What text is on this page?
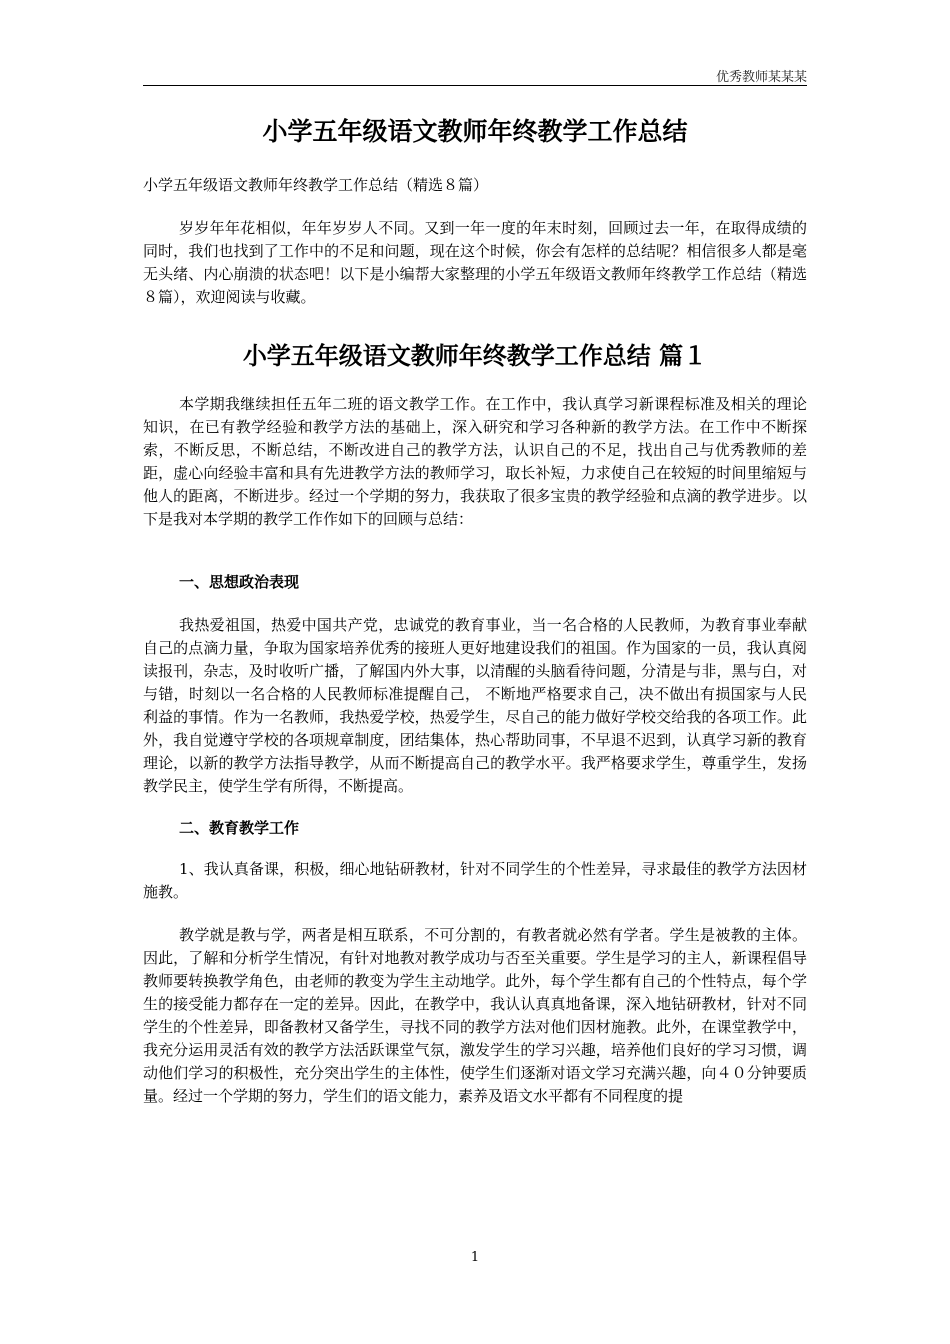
优秀教师某某某
小学五年级语文教师年终教学工作总结

小学五年级语文教师年终教学工作总结（精选８篇）

岁岁年年花相似，年年岁岁人不同。又到一年一度的年末时刻，回顾过去一年，在取得成绩的同时，我们也找到了工作中的不足和问题，现在这个时候，你会有怎样的总结呢？相信很多人都是毫无头绪、内心崩溃的状态吧！以下是小编帮大家整理的小学五年级语文教师年终教学工作总结（精选８篇），欢迎阅读与收藏。

小学五年级语文教师年终教学工作总结 篇１

本学期我继续担任五年二班的语文教学工作。在工作中，我认真学习新课程标准及相关的理论知识，在已有教学经验和教学方法的基础上，深入研究和学习各种新的教学方法。在工作中不断探索，不断反思，不断总结，不断改进自己的教学方法，认识自己的不足，找出自己与优秀教师的差距，虚心向经验丰富和具有先进教学方法的教师学习，取长补短，力求使自己在较短的时间里缩短与他人的距离，不断进步。经过一个学期的努力，我获取了很多宝贵的教学经验和点滴的教学进步。以下是我对本学期的教学工作作如下的回顾与总结：

一、思想政治表现

我热爱祖国，热爱中国共产党，忠诚党的教育事业，当一名合格的人民教师，为教育事业奉献自己的点滴力量，争取为国家培养优秀的接班人更好地建设我们的祖国。作为国家的一员，我认真阅读报刊，杂志，及时收听广播，了解国内外大事，以清醒的头脑看待问题，分清是与非，黑与白，对与错，时刻以一名合格的人民教师标准提醒自己， 不断地严格要求自己，决不做出有损国家与人民利益的事情。作为一名教师，我热爱学校，热爱学生，尽自己的能力做好学校交给我的各项工作。此外，我自觉遵守学校的各项规章制度，团结集体，热心帮助同事，不早退不迟到，认真学习新的教育理论，以新的教学方法指导教学，从而不断提高自己的教学水平。我严格要求学生，尊重学生，发扬教学民主，使学生学有所得，不断提高。

二、教育教学工作

1、我认真备课，积极，细心地钻研教材，针对不同学生的个性差异，寻求最佳的教学方法因材施教。

教学就是教与学，两者是相互联系，不可分割的，有教者就必然有学者。学生是被教的主体。因此，了解和分析学生情况，有针对地教对教学成功与否至关重要。学生是学习的主人，新课程倡导教师要转换教学角色，由老师的教变为学生主动地学。此外，每个学生都有自己的个性特点，每个学生的接受能力都存在一定的差异。因此，在教学中，我认认真真地备课，深入地钻研教材，针对不同学生的个性差异，即备教材又备学生，寻找不同的教学方法对他们因材施教。此外，在课堂教学中，我充分运用灵活有效的教学方法活跃课堂气氛，激发学生的学习兴趣，培养他们良好的学习习惯，调动他们学习的积极性，充分突出学生的主体性，使学生们逐渐对语文学习充满兴趣，向４０分钟要质量。经过一个学期的努力，学生们的语文能力，素养及语文水平都有不同程度的提

1
